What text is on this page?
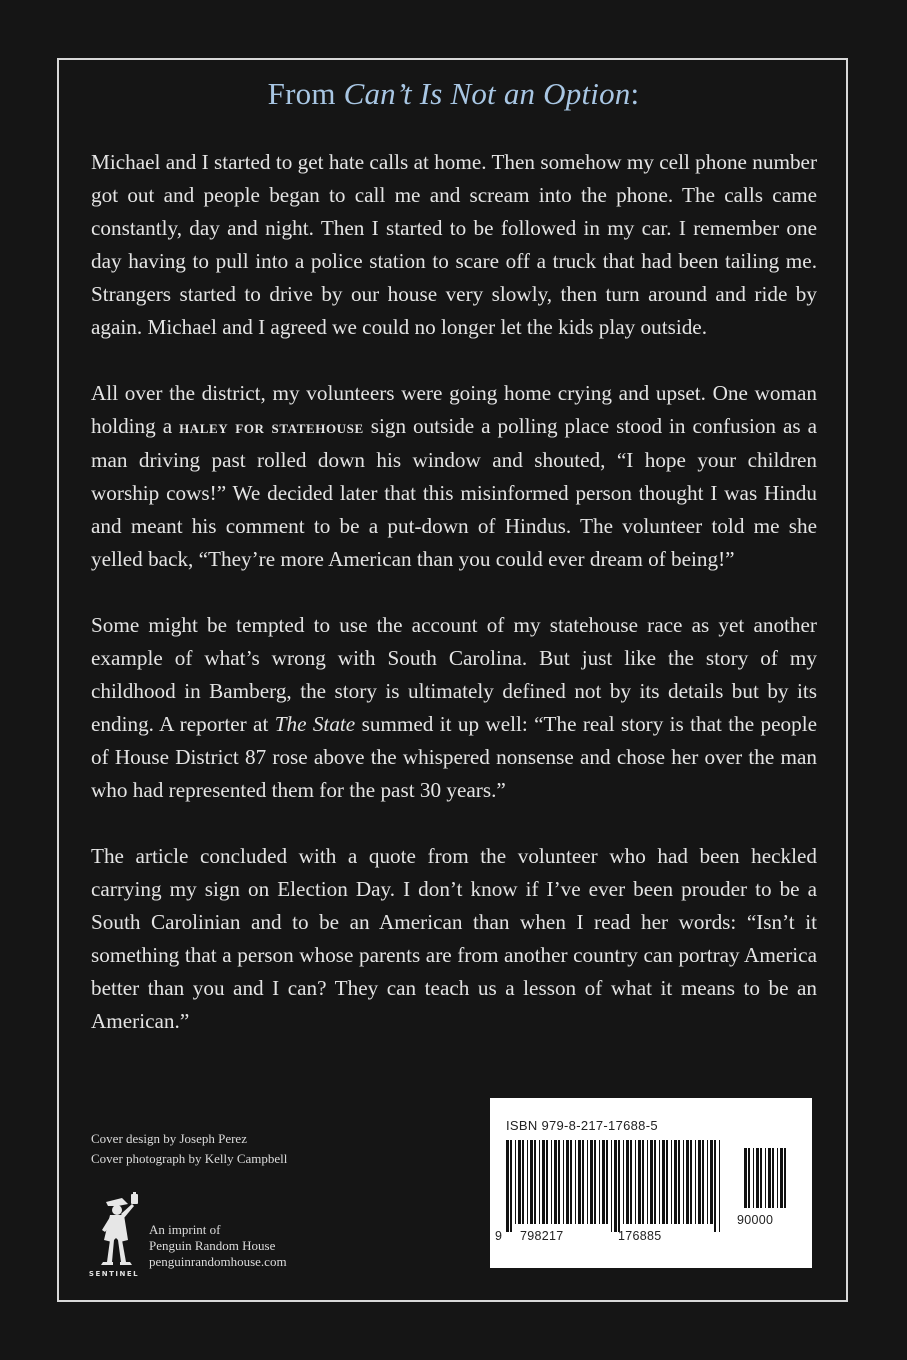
From Can’t Is Not an Option:

Michael and I started to get hate calls at home. Then somehow my cell phone number got out and people began to call me and scream into the phone. The calls came constantly, day and night. Then I started to be followed in my car. I remember one day having to pull into a police station to scare off a truck that had been tailing me. Strangers started to drive by our house very slowly, then turn around and ride by again. Michael and I agreed we could no longer let the kids play outside.

All over the district, my volunteers were going home crying and upset. One woman holding a haley for statehouse sign outside a polling place stood in confusion as a man driving past rolled down his window and shouted, “I hope your children worship cows!” We decided later that this misinformed person thought I was Hindu and meant his comment to be a put-down of Hindus. The volunteer told me she yelled back, “They’re more American than you could ever dream of being!”

Some might be tempted to use the account of my statehouse race as yet another example of what’s wrong with South Carolina. But just like the story of my childhood in Bamberg, the story is ultimately defined not by its details but by its ending. A reporter at The State summed it up well: “The real story is that the people of House District 87 rose above the whispered nonsense and chose her over the man who had represented them for the past 30 years.”

The article concluded with a quote from the volunteer who had been heckled carrying my sign on Election Day. I don’t know if I’ve ever been prouder to be a South Carolinian and to be an American than when I read her words: “Isn’t it something that a person whose parents are from another country can portray America better than you and I can? They can teach us a lesson of what it means to be an American.”

Cover design by Joseph Perez
Cover photograph by Kelly Campbell
SENTINEL
An imprint of
Penguin Random House
penguinrandomhouse.com
ISBN 979-8-217-17688-5
9 798217	176885
90000
